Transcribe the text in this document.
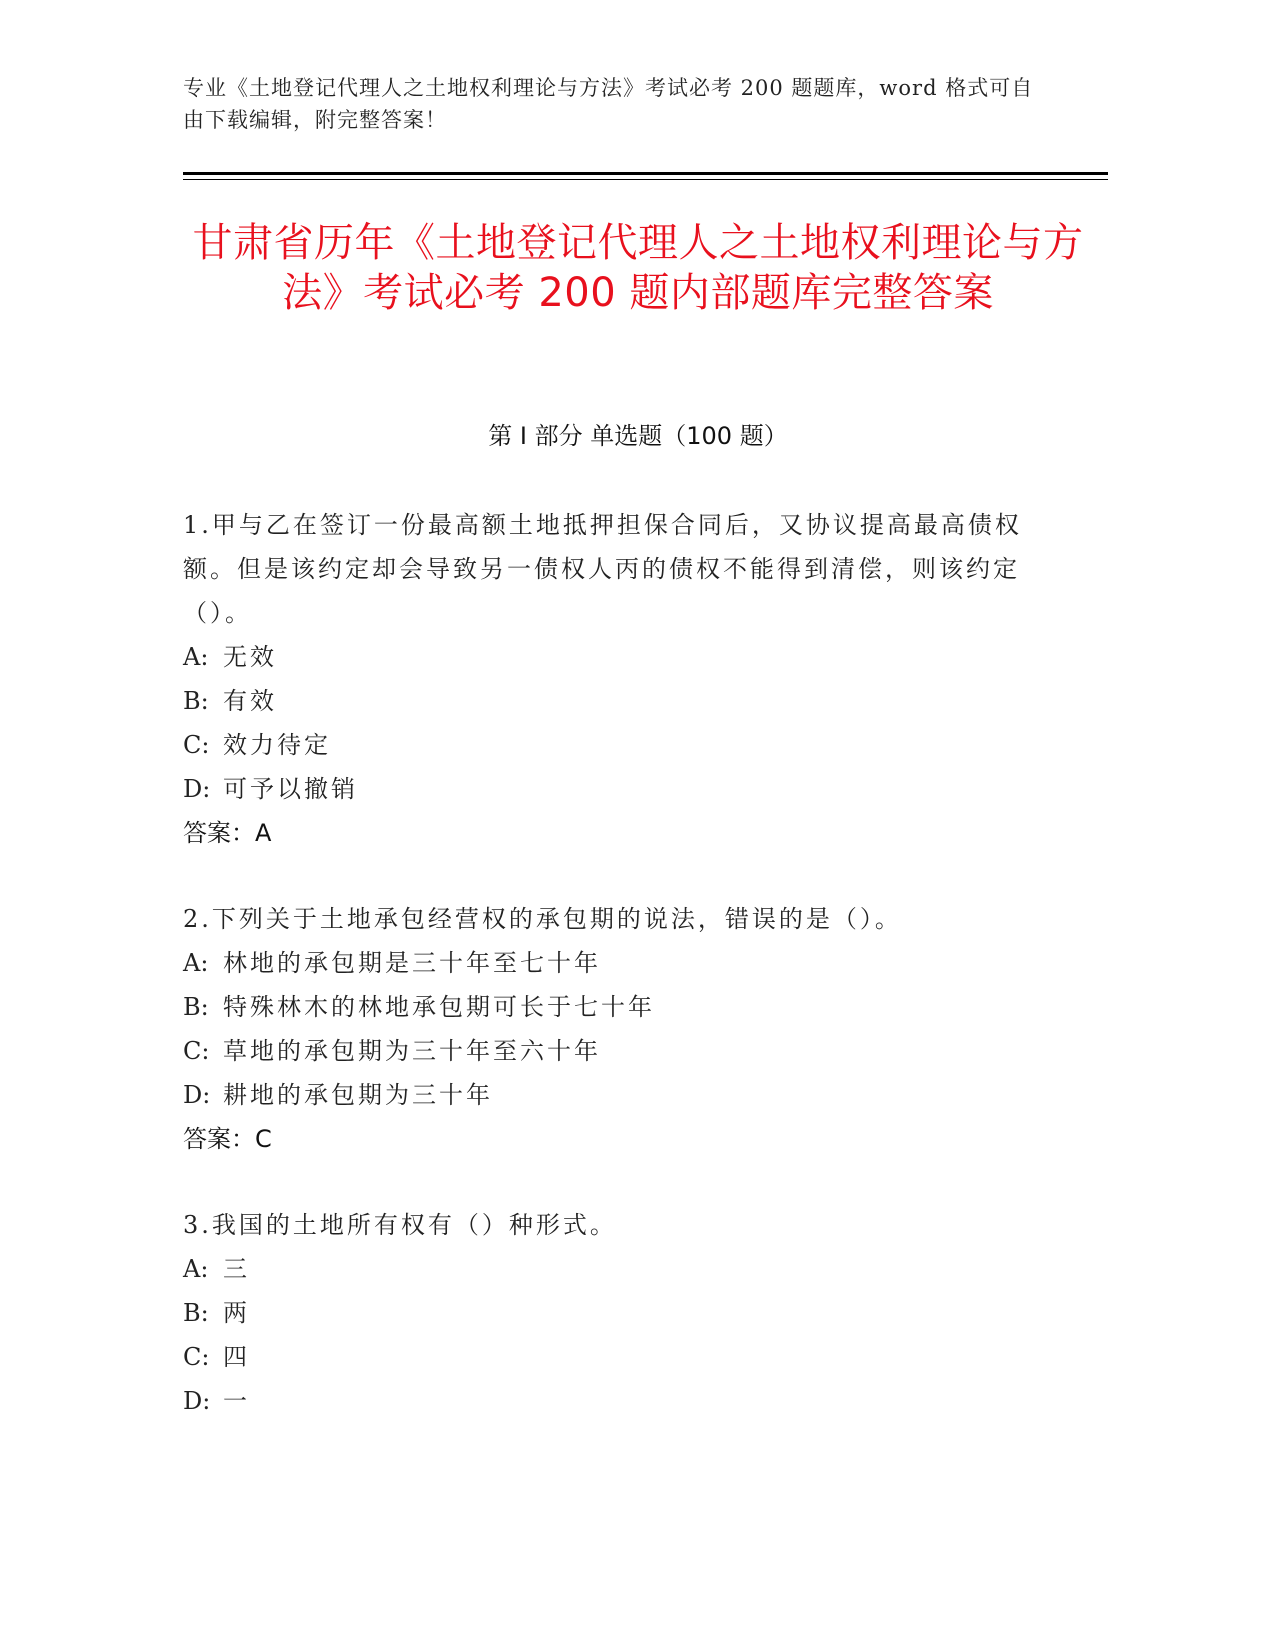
专业《土地登记代理人之土地权利理论与方法》考试必考 200 题题库，word 格式可自由下载编辑，附完整答案！
甘肃省历年《土地登记代理人之土地权利理论与方法》考试必考 200 题内部题库完整答案
第 I 部分 单选题（100 题）
1.甲与乙在签订一份最高额土地抵押担保合同后，又协议提高最高债权额。但是该约定却会导致另一债权人丙的债权不能得到清偿，则该约定（）。
A: 无效
B: 有效
C: 效力待定
D: 可予以撤销
答案：A
2.下列关于土地承包经营权的承包期的说法，错误的是（）。
A: 林地的承包期是三十年至七十年
B: 特殊林木的林地承包期可长于七十年
C: 草地的承包期为三十年至六十年
D: 耕地的承包期为三十年
答案：C
3.我国的土地所有权有（）种形式。
A: 三
B: 两
C: 四
D: 一
